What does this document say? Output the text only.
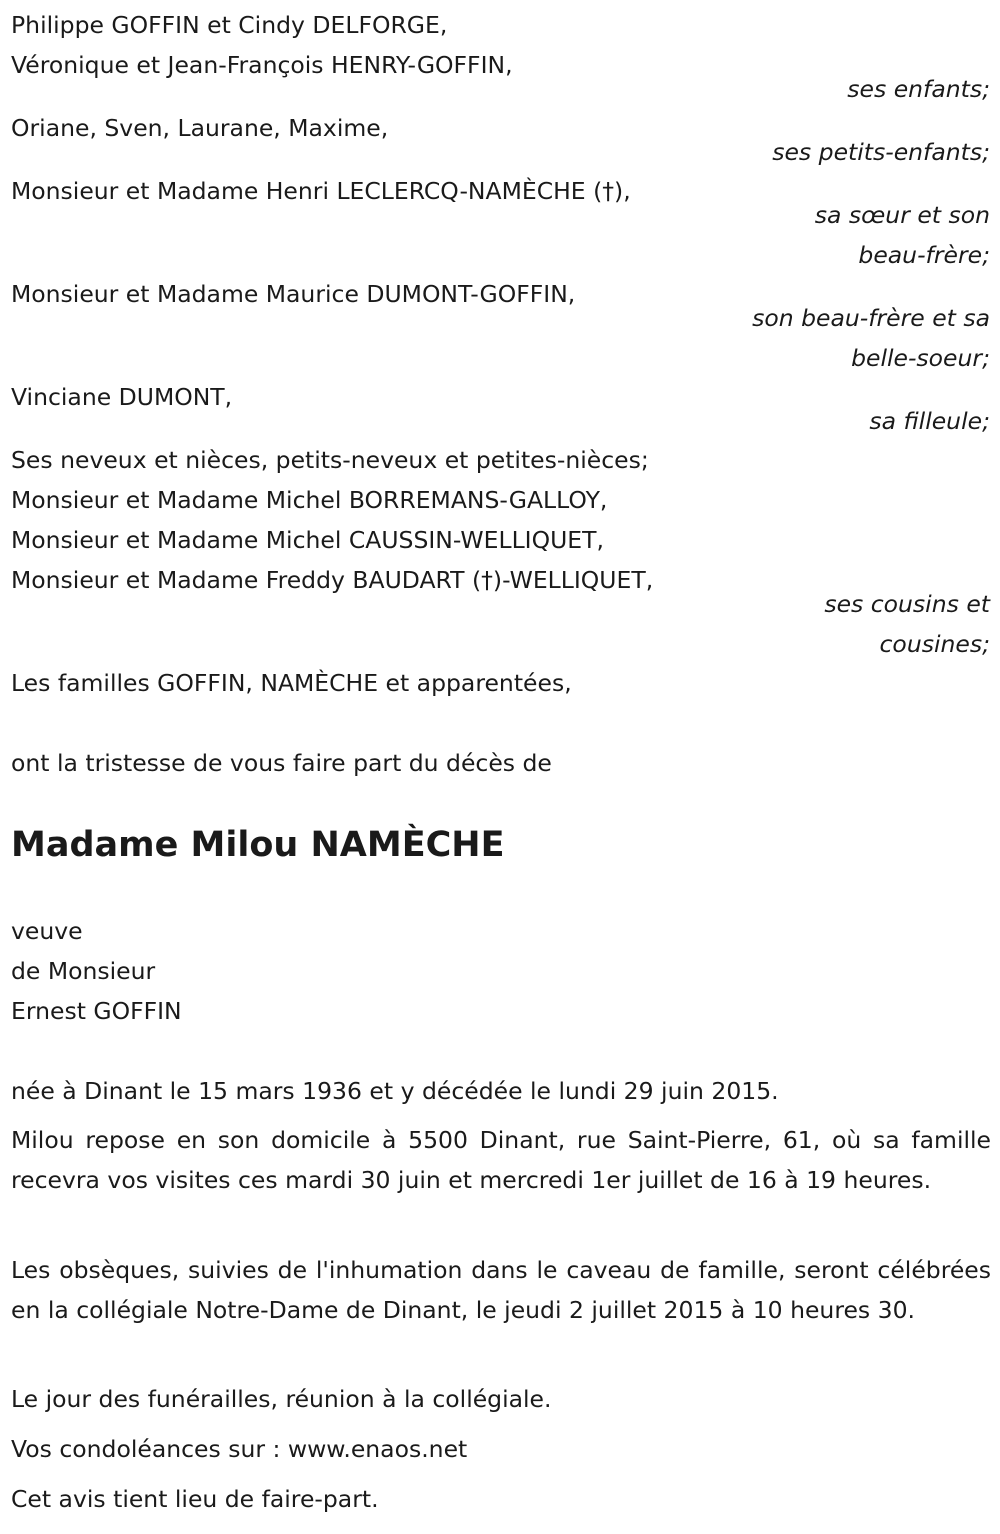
Philippe GOFFIN et Cindy DELFORGE,
Véronique et Jean-François HENRY-GOFFIN,
ses enfants;
Oriane, Sven, Laurane, Maxime,
ses petits-enfants;
Monsieur et Madame Henri LECLERCQ-NAMÈCHE (†),
sa sœur et son
beau-frère;
Monsieur et Madame Maurice DUMONT-GOFFIN,
son beau-frère et sa
belle-soeur;
Vinciane DUMONT,
sa filleule;
Ses neveux et nièces, petits-neveux et petites-nièces;
Monsieur et Madame Michel BORREMANS-GALLOY,
Monsieur et Madame Michel CAUSSIN-WELLIQUET,
Monsieur et Madame Freddy BAUDART (†)-WELLIQUET,
ses cousins et
cousines;
Les familles GOFFIN, NAMÈCHE et apparentées,
ont la tristesse de vous faire part du décès de
Madame Milou NAMÈCHE
veuve
de Monsieur
Ernest GOFFIN
née à Dinant le 15 mars 1936 et y décédée le lundi 29 juin 2015.
Milou repose en son domicile à 5500 Dinant, rue Saint-Pierre, 61, où sa famille recevra vos visites ces mardi 30 juin et mercredi 1er juillet de 16 à 19 heures.
Les obsèques, suivies de l'inhumation dans le caveau de famille, seront célébrées en la collégiale Notre-Dame de Dinant, le jeudi 2 juillet 2015 à 10 heures 30.
Le jour des funérailles, réunion à la collégiale.
Vos condoléances sur : www.enaos.net
Cet avis tient lieu de faire-part.
